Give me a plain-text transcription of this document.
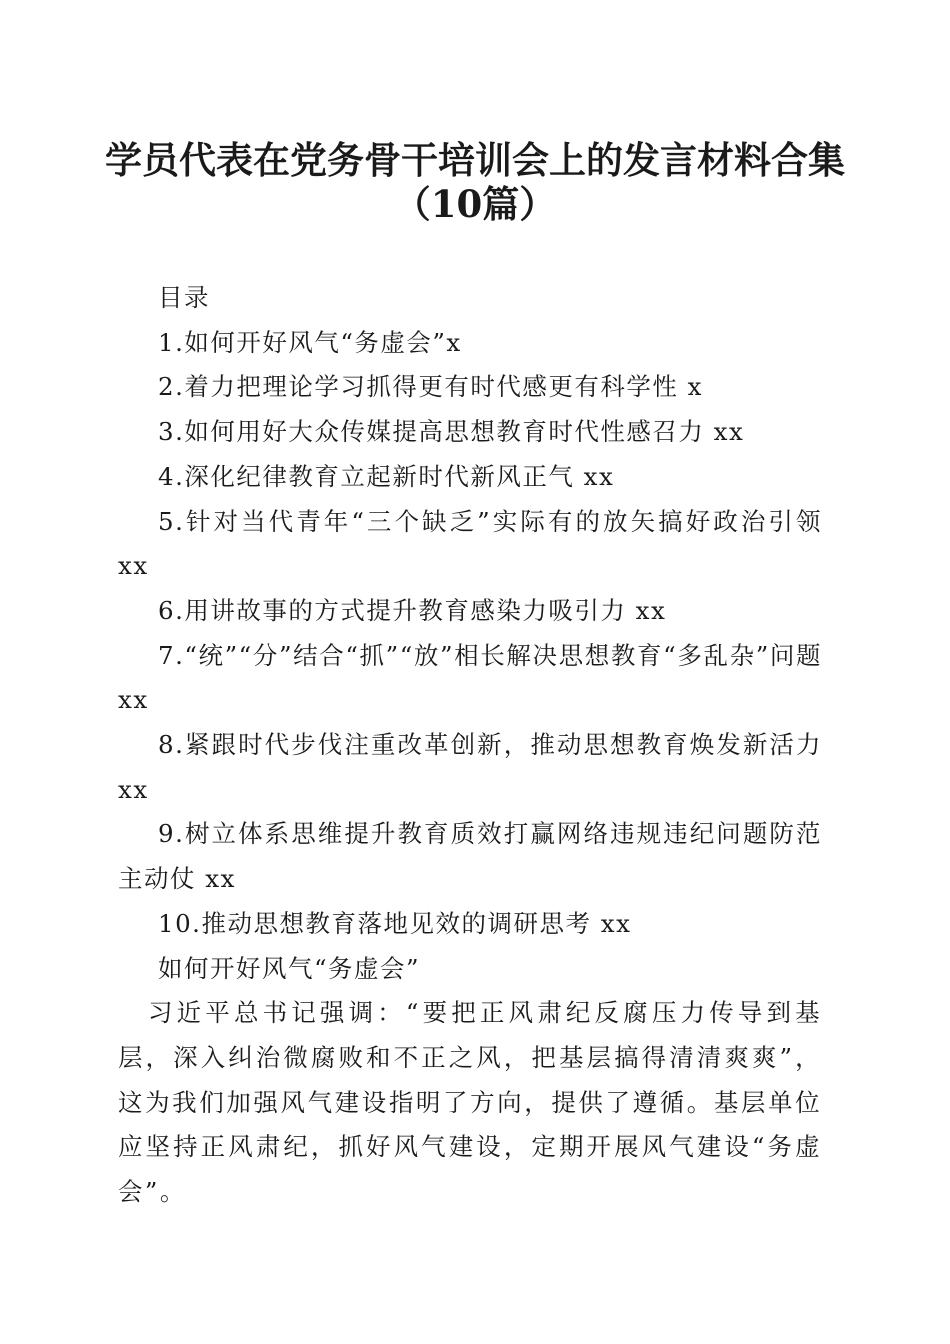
学员代表在党务骨干培训会上的发言材料合集
（10篇）

目录

1.如何开好风气“务虚会”x

2.着力把理论学习抓得更有时代感更有科学性 x

3.如何用好大众传媒提高思想教育时代性感召力 xx

4.深化纪律教育立起新时代新风正气 xx

5.针对当代青年“三个缺乏”实际有的放矢搞好政治引领 xx

6.用讲故事的方式提升教育感染力吸引力 xx

7.“统”“分”结合“抓”“放”相长解决思想教育“多乱杂”问题 xx

8.紧跟时代步伐注重改革创新，推动思想教育焕发新活力 xx

9.树立体系思维提升教育质效打赢网络违规违纪问题防范主动仗 xx

10.推动思想教育落地见效的调研思考 xx

如何开好风气“务虚会”

习近平总书记强调：“要把正风肃纪反腐压力传导到基层，深入纠治微腐败和不正之风，把基层搞得清清爽爽”，这为我们加强风气建设指明了方向，提供了遵循。基层单位应坚持正风肃纪，抓好风气建设，定期开展风气建设“务虚会”。
